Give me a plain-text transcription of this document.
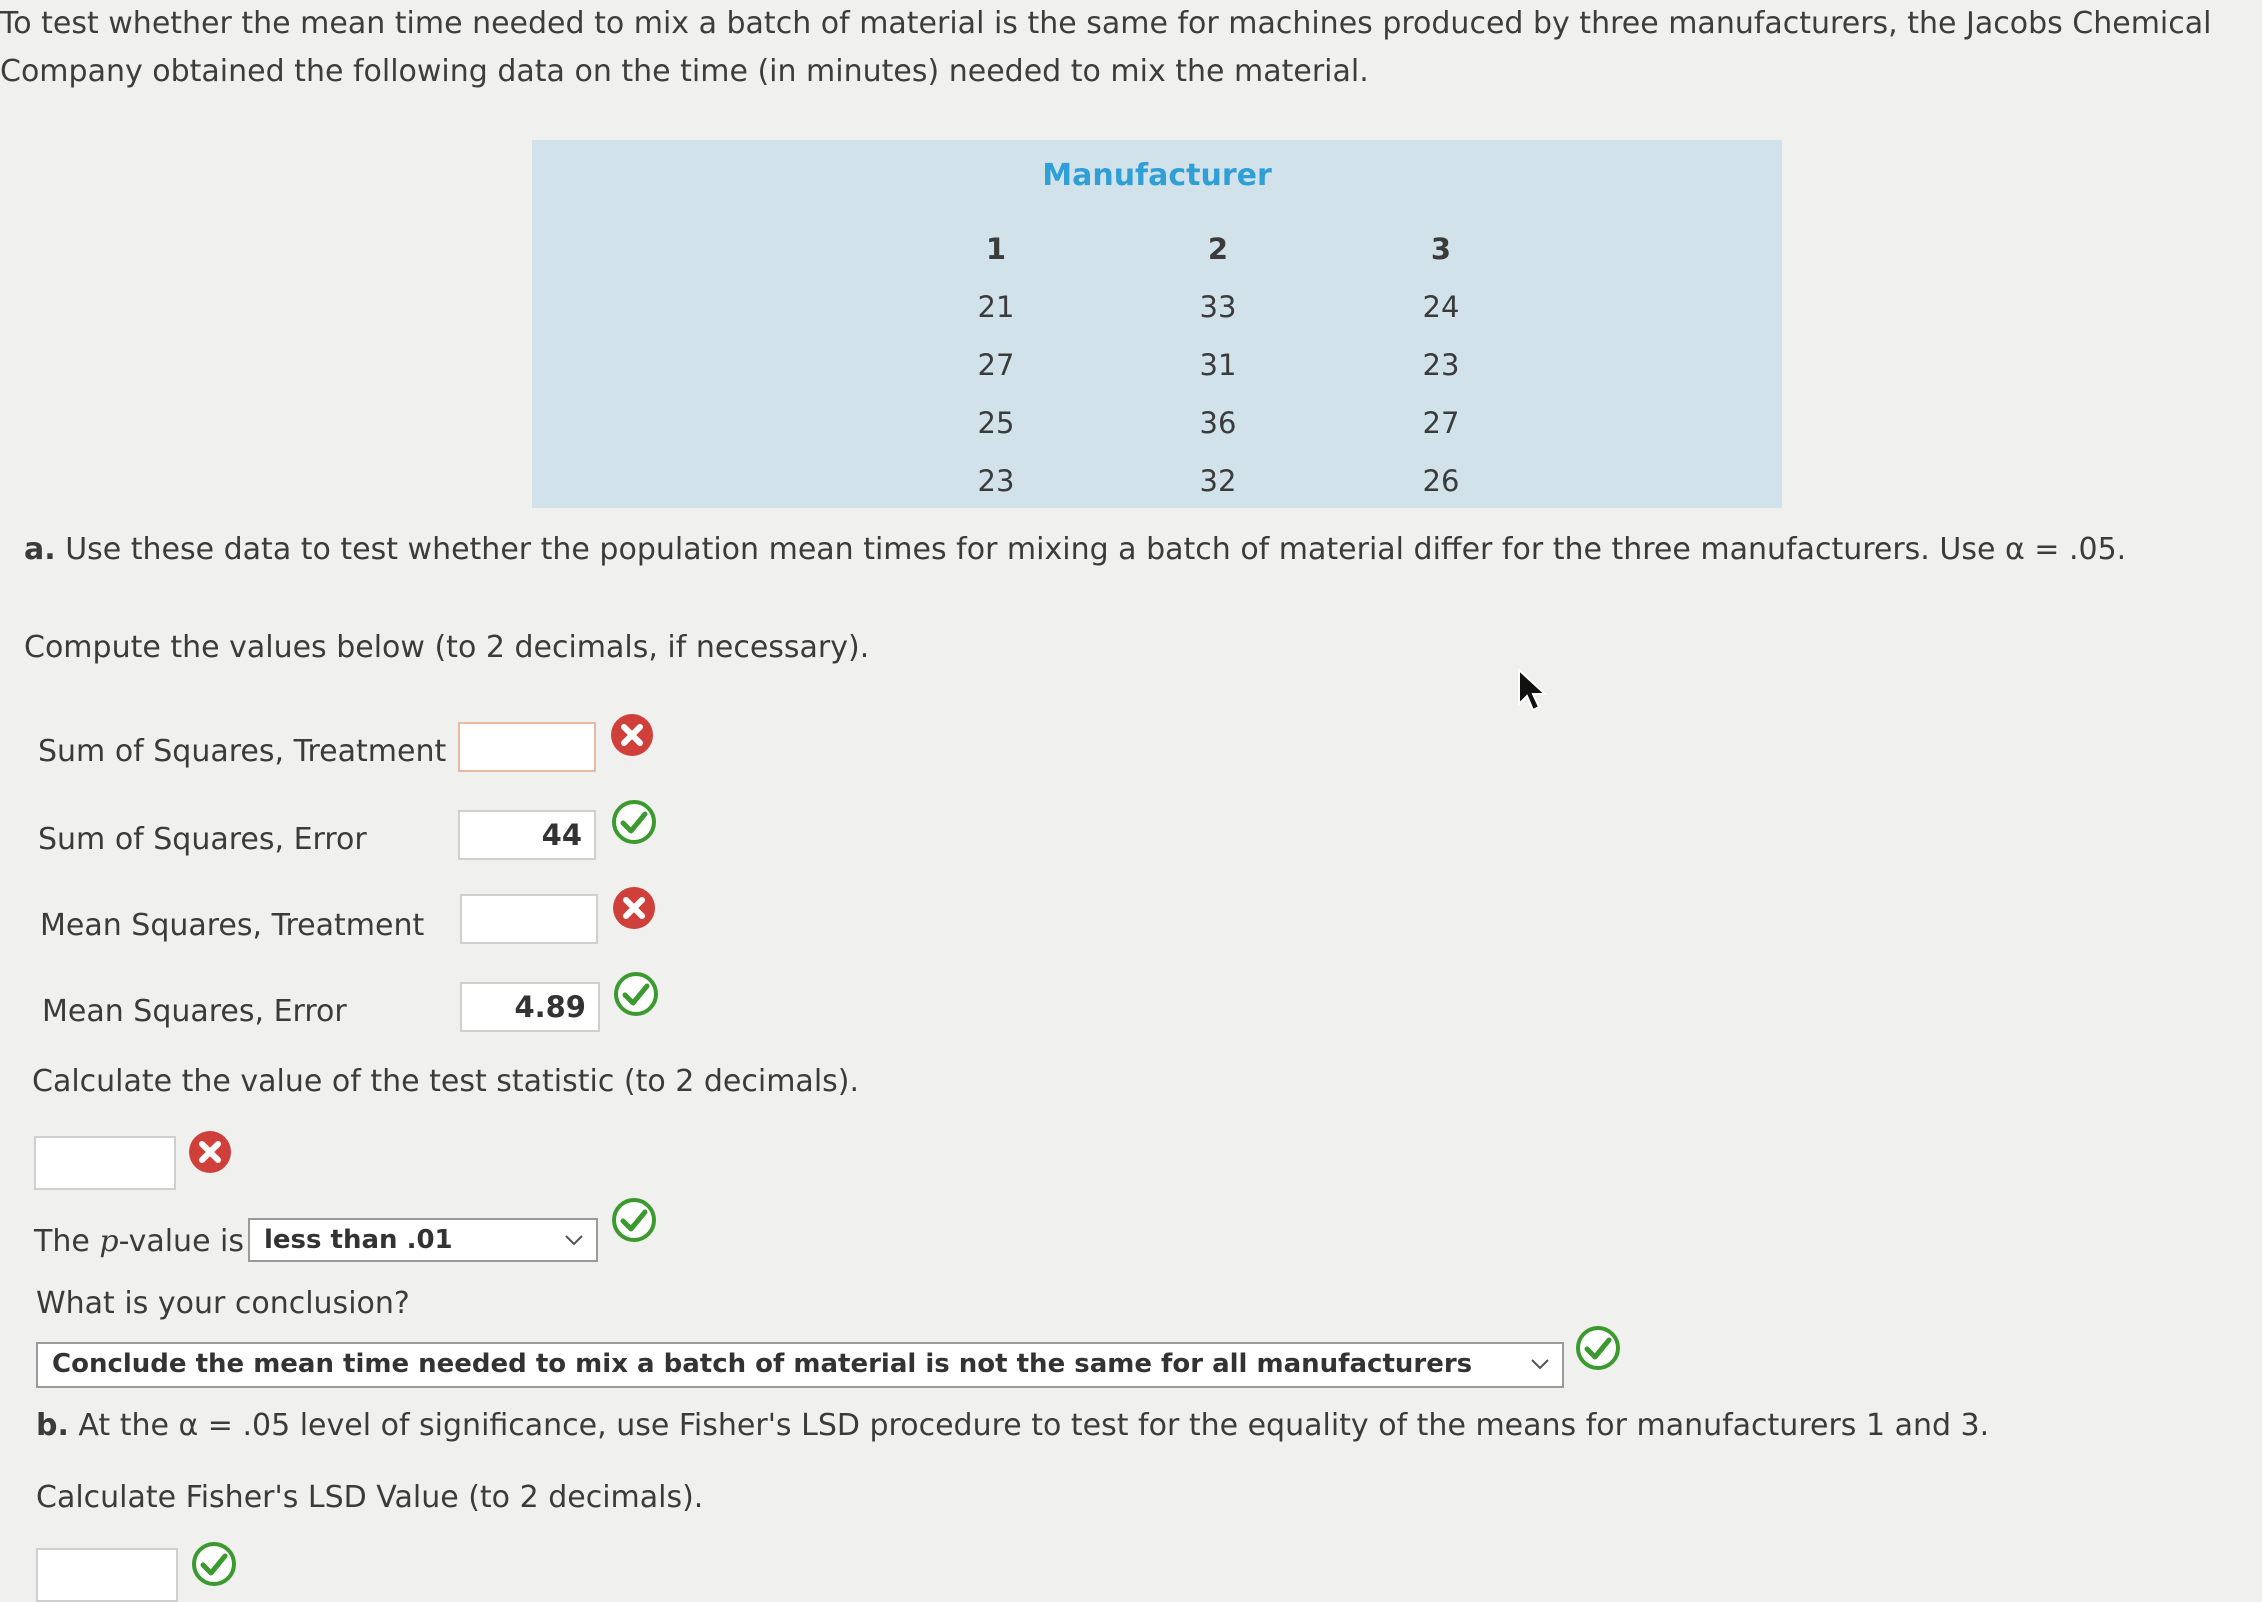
To test whether the mean time needed to mix a batch of material is the same for machines produced by three manufacturers, the Jacobs Chemical Company obtained the following data on the time (in minutes) needed to mix the material.
Manufacturer
1
21
27
25
23
2
33
31
36
32
3
24
23
27
26
a. Use these data to test whether the population mean times for mixing a batch of material differ for the three manufacturers. Use α = .05.
Compute the values below (to 2 decimals, if necessary).
Sum of Squares, Treatment
Sum of Squares, Error	44
Mean Squares, Treatment
Mean Squares, Error	4.89
Calculate the value of the test statistic (to 2 decimals).
The p-value is less than .01
What is your conclusion?
Conclude the mean time needed to mix a batch of material is not the same for all manufacturers
b. At the α = .05 level of significance, use Fisher's LSD procedure to test for the equality of the means for manufacturers 1 and 3.
Calculate Fisher's LSD Value (to 2 decimals).
